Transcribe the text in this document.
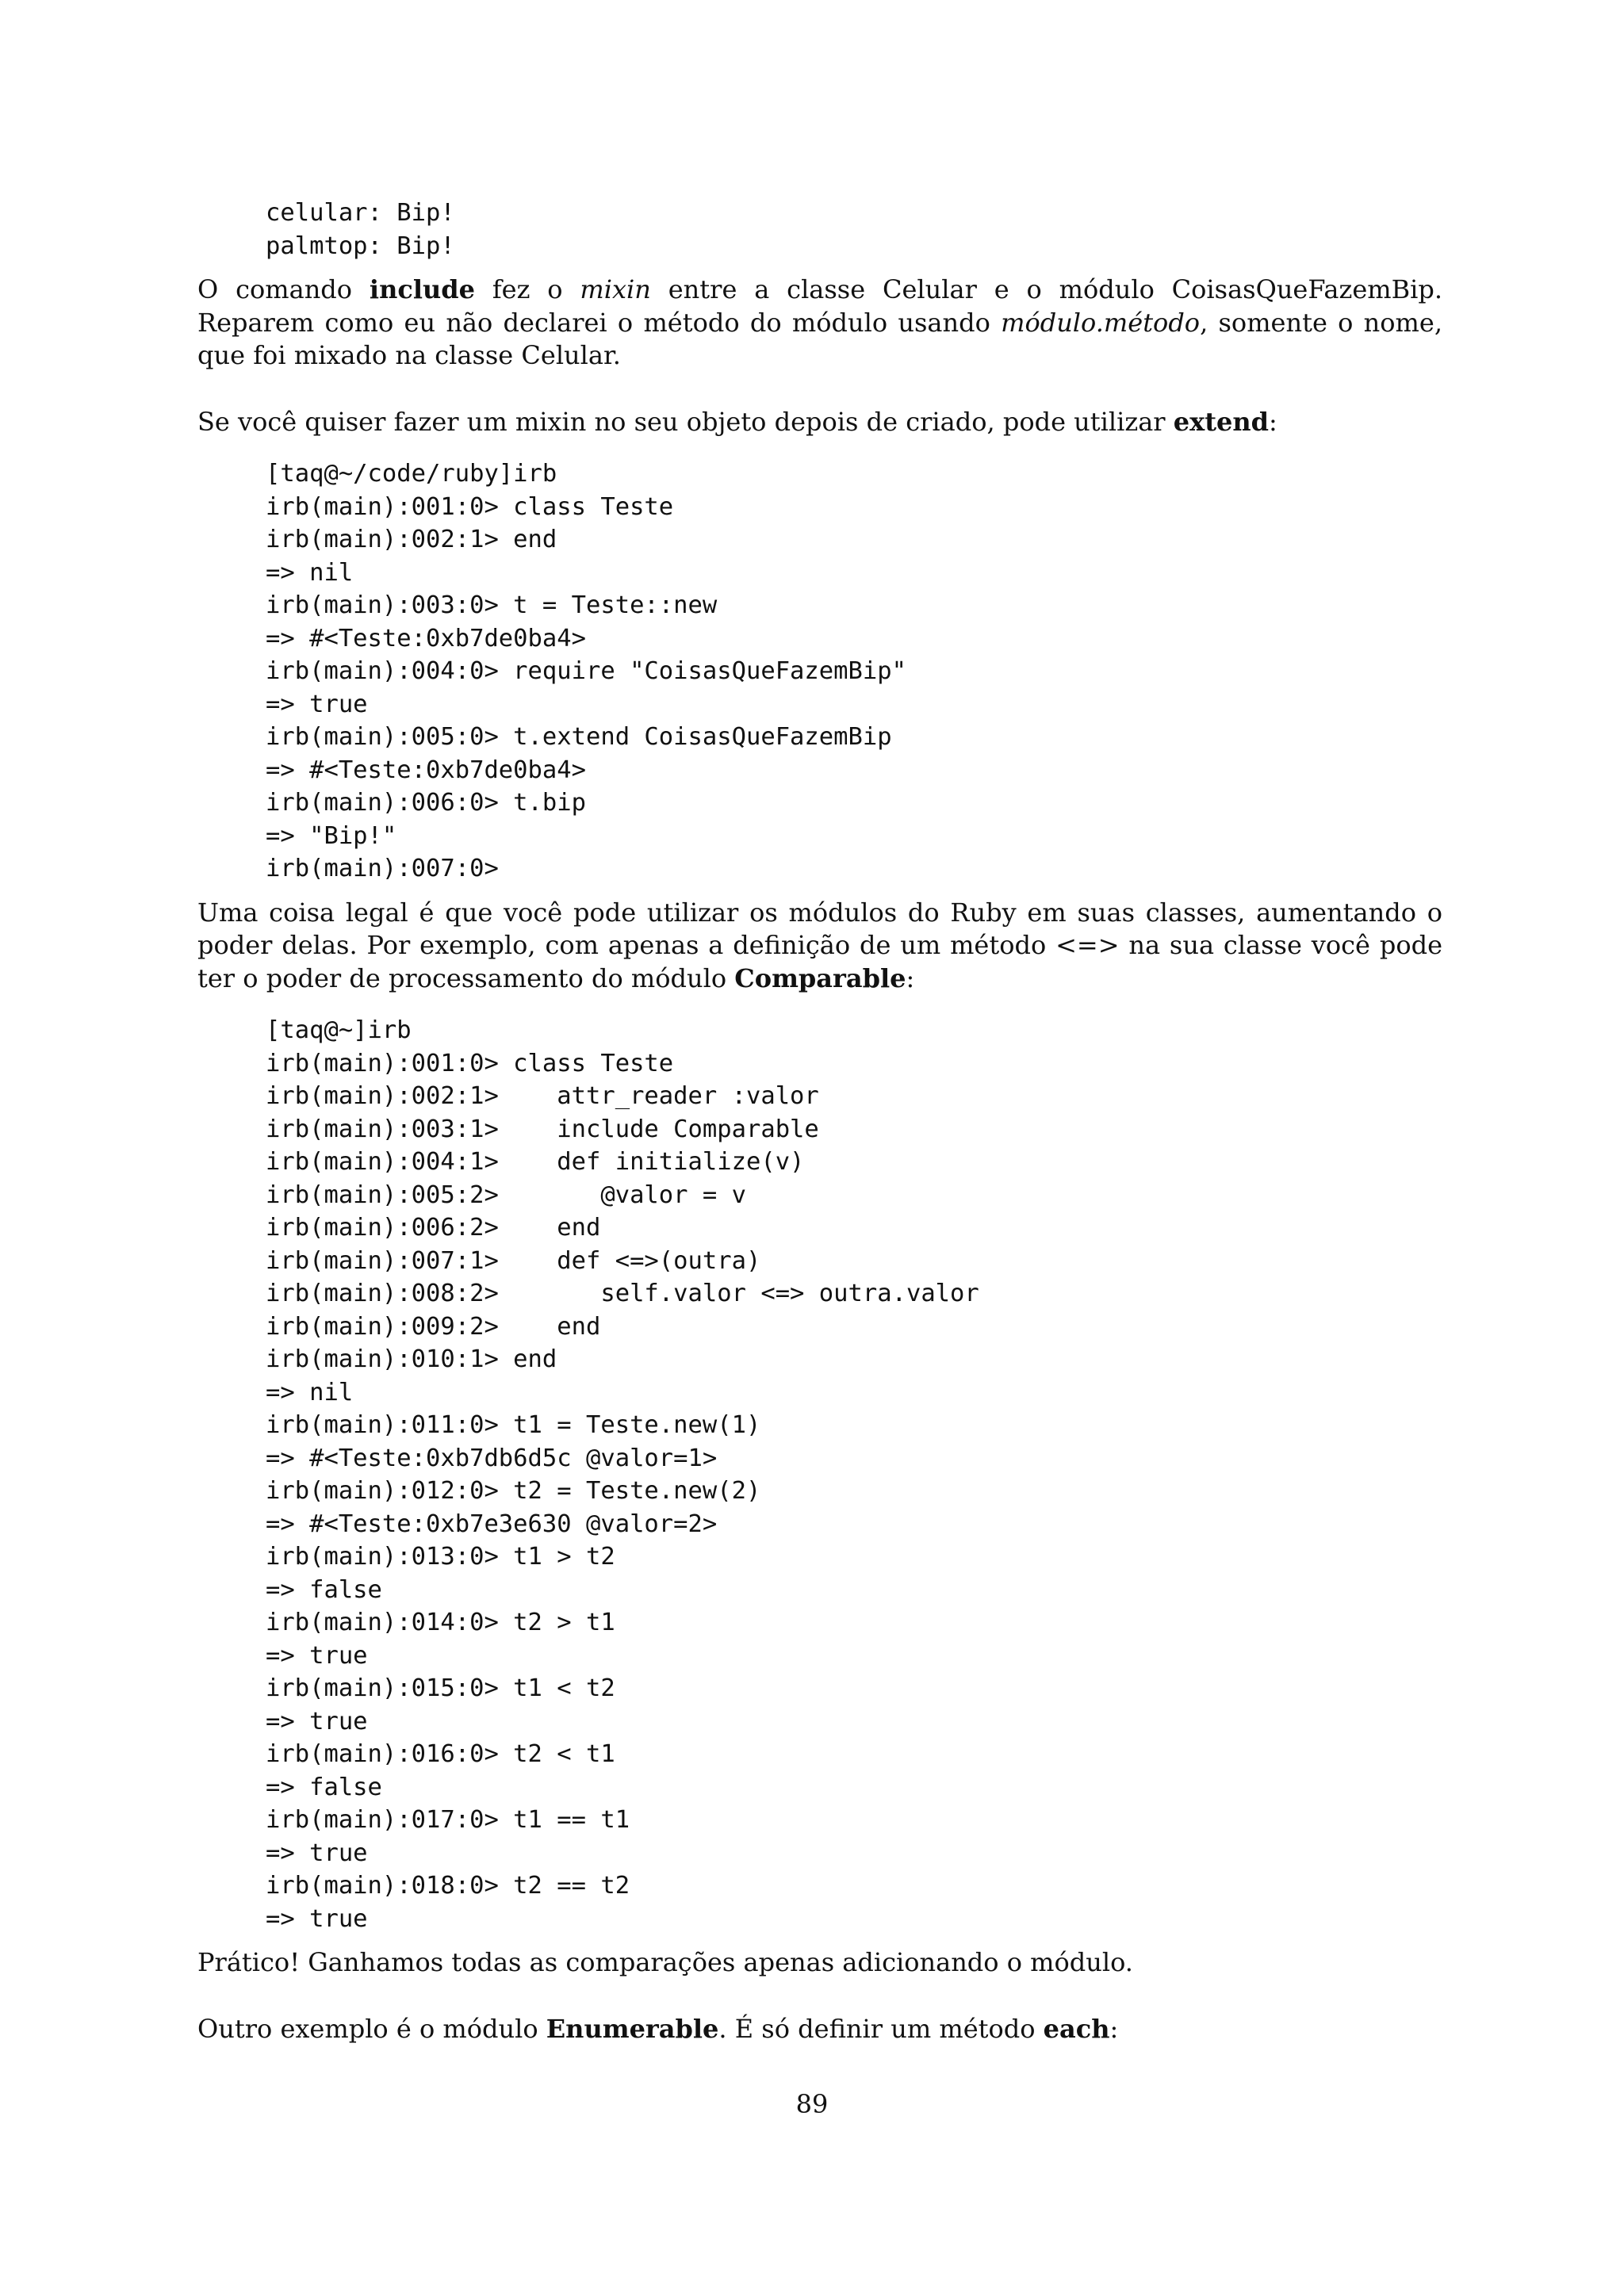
celular: Bip!
palmtop: Bip!

O comando include fez o mixin entre a classe Celular e o módulo CoisasQueFazemBip. Reparem como eu não declarei o método do módulo usando módulo.método, somente o nome, que foi mixado na classe Celular.

Se você quiser fazer um mixin no seu objeto depois de criado, pode utilizar extend:

[taq@~/code/ruby]irb
irb(main):001:0> class Teste
irb(main):002:1> end
=> nil
irb(main):003:0> t = Teste::new
=> #<Teste:0xb7de0ba4>
irb(main):004:0> require "CoisasQueFazemBip"
=> true
irb(main):005:0> t.extend CoisasQueFazemBip
=> #<Teste:0xb7de0ba4>
irb(main):006:0> t.bip
=> "Bip!"
irb(main):007:0>

Uma coisa legal é que você pode utilizar os módulos do Ruby em suas classes, aumentando o poder delas. Por exemplo, com apenas a definição de um método <=> na sua classe você pode ter o poder de processamento do módulo Comparable:

[taq@~]irb
irb(main):001:0> class Teste
irb(main):002:1>    attr_reader :valor
irb(main):003:1>    include Comparable
irb(main):004:1>    def initialize(v)
irb(main):005:2>       @valor = v
irb(main):006:2>    end
irb(main):007:1>    def <=>(outra)
irb(main):008:2>       self.valor <=> outra.valor
irb(main):009:2>    end
irb(main):010:1> end
=> nil
irb(main):011:0> t1 = Teste.new(1)
=> #<Teste:0xb7db6d5c @valor=1>
irb(main):012:0> t2 = Teste.new(2)
=> #<Teste:0xb7e3e630 @valor=2>
irb(main):013:0> t1 > t2
=> false
irb(main):014:0> t2 > t1
=> true
irb(main):015:0> t1 < t2
=> true
irb(main):016:0> t2 < t1
=> false
irb(main):017:0> t1 == t1
=> true
irb(main):018:0> t2 == t2
=> true

Prático! Ganhamos todas as comparações apenas adicionando o módulo.

Outro exemplo é o módulo Enumerable. É só definir um método each:

89
